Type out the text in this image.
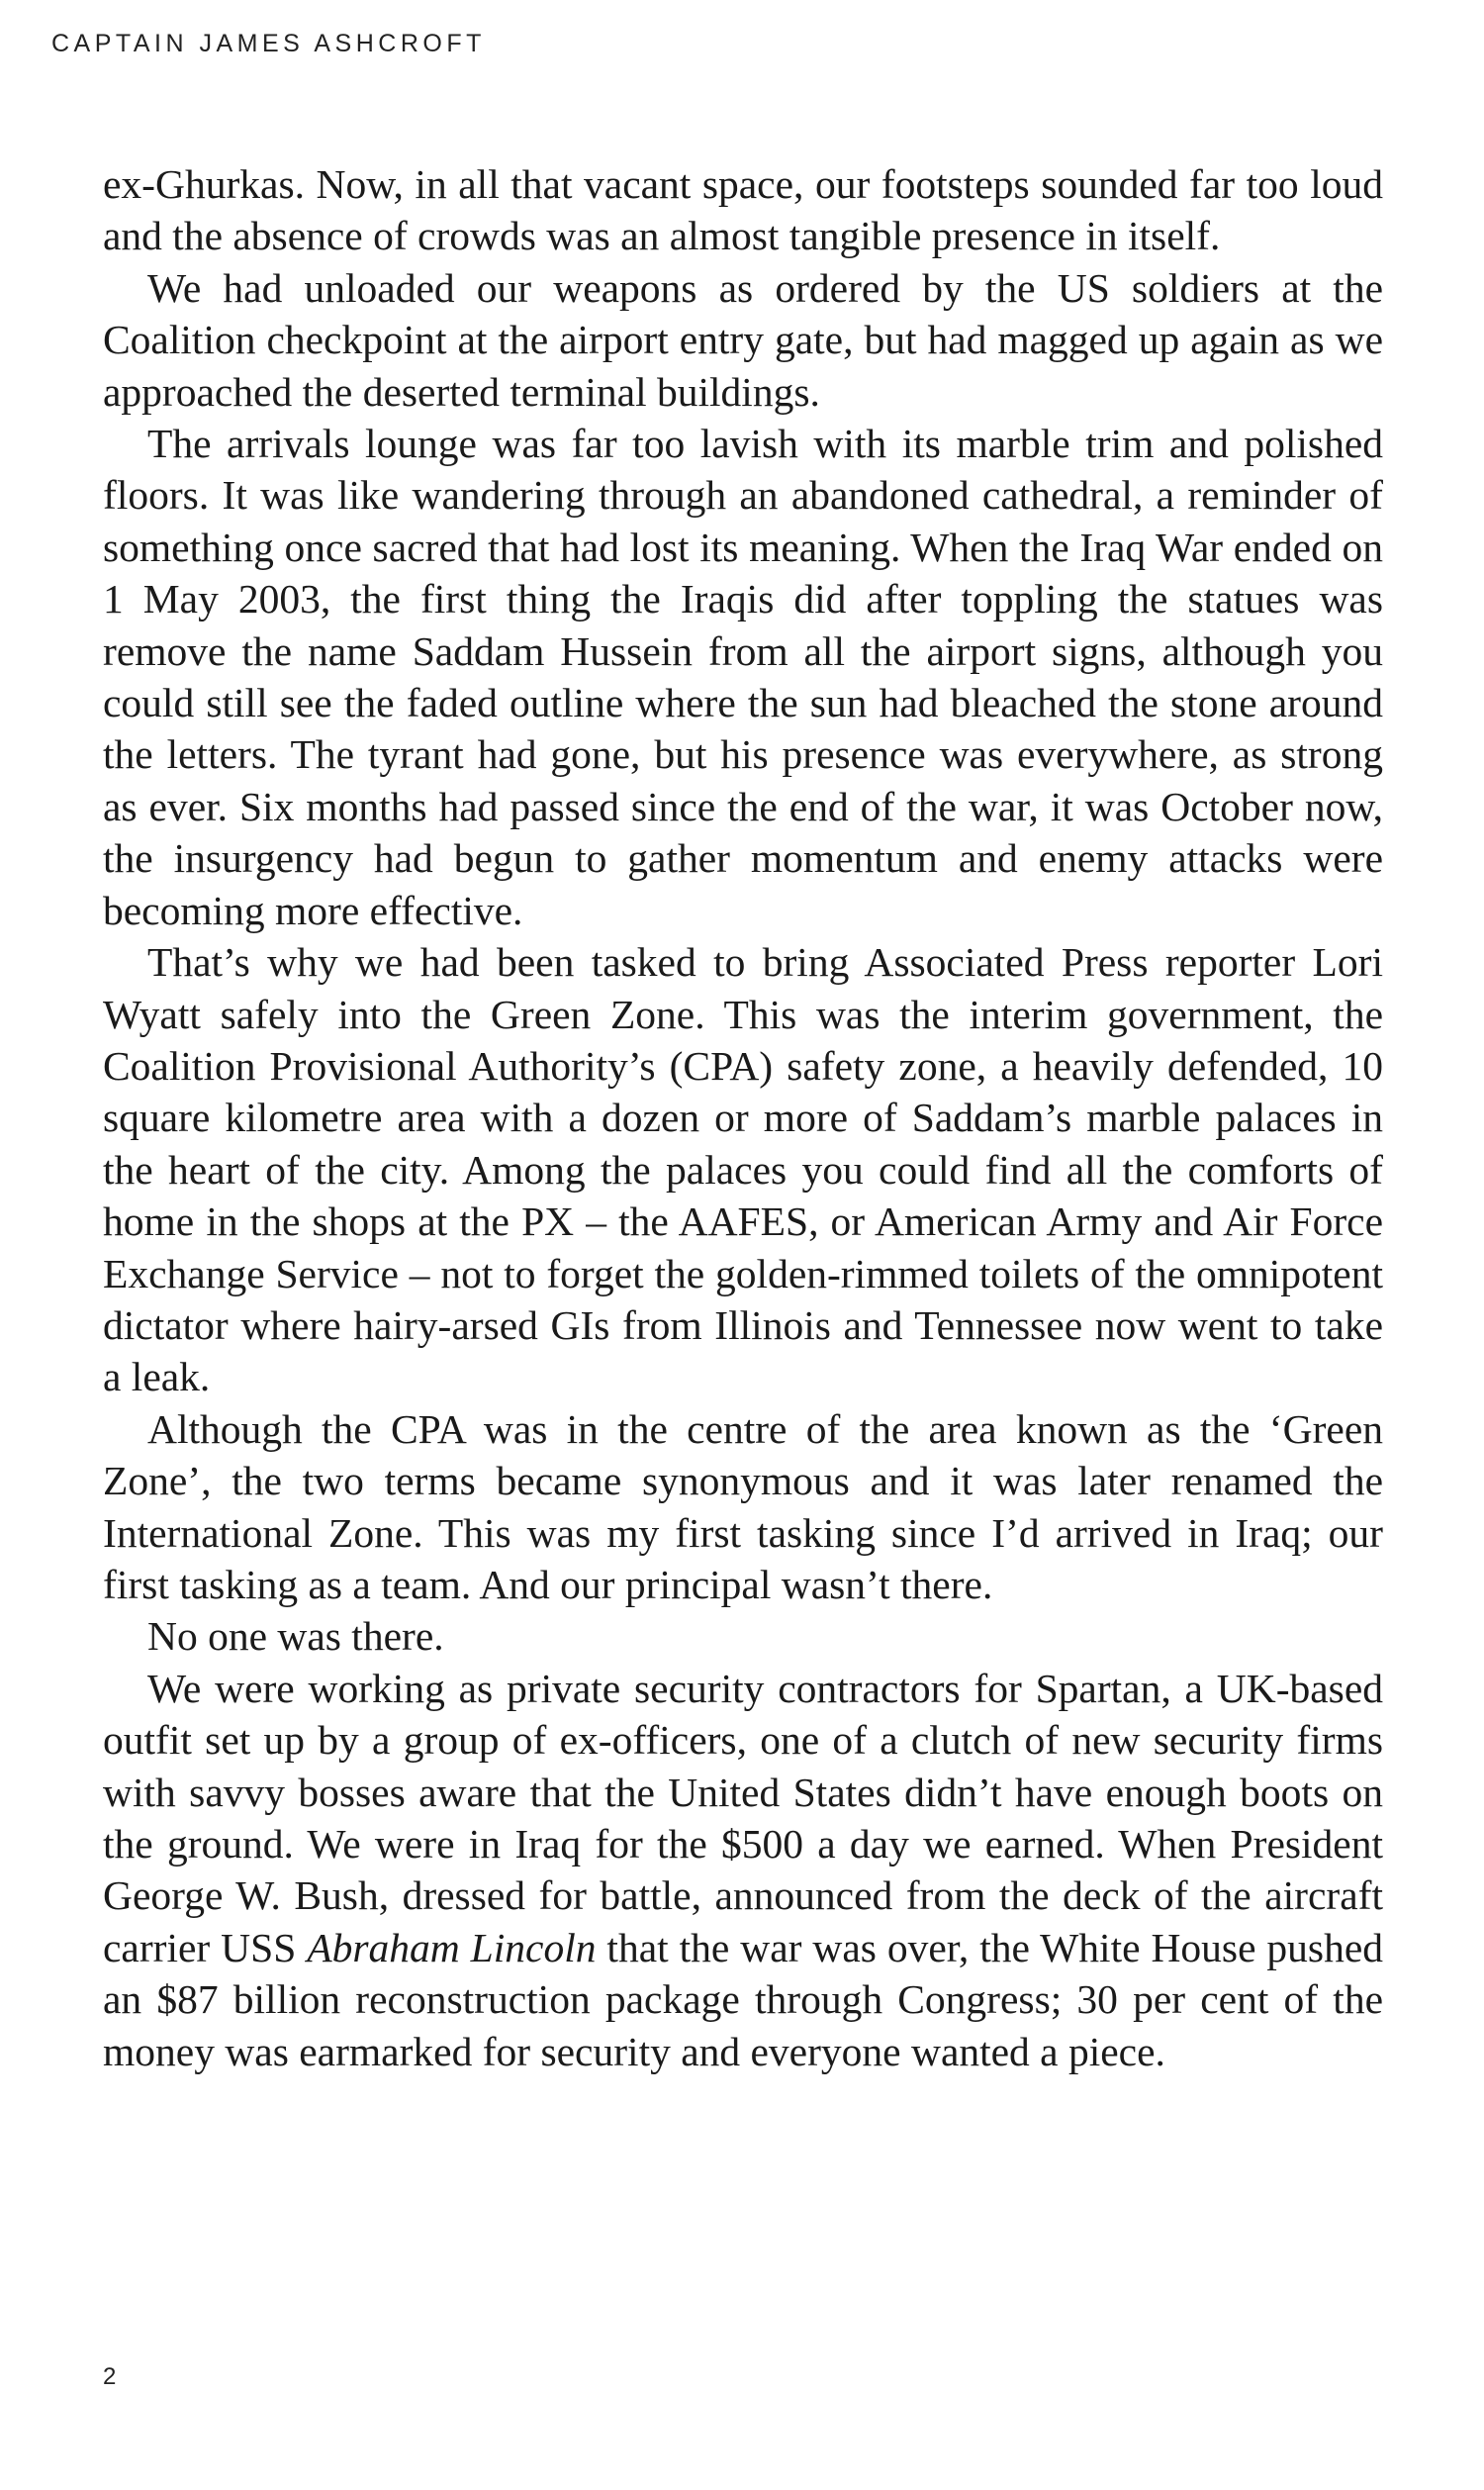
CAPTAIN JAMES ASHCROFT

ex-Ghurkas. Now, in all that vacant space, our footsteps sounded far too loud and the absence of crowds was an almost tangible presence in itself.

We had unloaded our weapons as ordered by the US soldiers at the Coalition checkpoint at the airport entry gate, but had magged up again as we approached the deserted terminal buildings.

The arrivals lounge was far too lavish with its marble trim and polished floors. It was like wandering through an abandoned cathedral, a reminder of something once sacred that had lost its meaning. When the Iraq War ended on 1 May 2003, the first thing the Iraqis did after toppling the statues was remove the name Saddam Hussein from all the airport signs, although you could still see the faded outline where the sun had bleached the stone around the letters. The tyrant had gone, but his presence was everywhere, as strong as ever. Six months had passed since the end of the war, it was October now, the insurgency had begun to gather momentum and enemy attacks were becoming more effective.

That’s why we had been tasked to bring Associated Press reporter Lori Wyatt safely into the Green Zone. This was the interim government, the Coalition Provisional Authority’s (CPA) safety zone, a heavily defended, 10 square kilometre area with a dozen or more of Saddam’s marble palaces in the heart of the city. Among the palaces you could find all the comforts of home in the shops at the PX – the AAFES, or American Army and Air Force Exchange Service – not to forget the golden-rimmed toilets of the omnipotent dictator where hairy-arsed GIs from Illinois and Tennessee now went to take a leak.

Although the CPA was in the centre of the area known as the ‘Green Zone’, the two terms became synonymous and it was later renamed the International Zone. This was my first tasking since I’d arrived in Iraq; our first tasking as a team. And our principal wasn’t there.

No one was there.

We were working as private security contractors for Spartan, a UK-based outfit set up by a group of ex-officers, one of a clutch of new security firms with savvy bosses aware that the United States didn’t have enough boots on the ground. We were in Iraq for the $500 a day we earned. When President George W. Bush, dressed for battle, announced from the deck of the aircraft carrier USS Abraham Lincoln that the war was over, the White House pushed an $87 billion reconstruction package through Congress; 30 per cent of the money was earmarked for security and everyone wanted a piece.

2
